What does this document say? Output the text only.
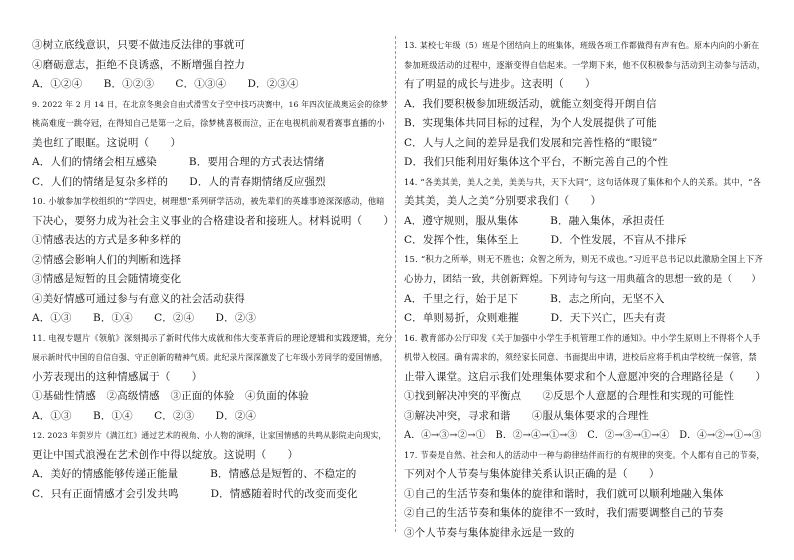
③树立底线意识，只要不做违反法律的事就可
④磨砺意志，拒绝不良诱惑，不断增强自控力
A．①②④　　B．①②③　　C．①③④　　D．②③④
9. 2022 年 2 月 14 日，在北京冬奥会自由式滑雪女子空中技巧决赛中，16 年四次征战奥运会的徐梦
桃高难度一跳夺冠，在得知自己是第一之后，徐梦桃喜极而泣，正在电视机前观看赛事直播的小
美也红了眼眶。这说明（　　）
A．人们的情绪会相互感染　　　B．要用合理的方式表达情绪
C．人们的情绪是复杂多样的　　D．人的青春期情绪反应强烈
10. 小敏参加学校组织的“学四史，树理想”系列研学活动，被先辈们的英雄事迹深深感动，他暗
下决心，要努力成为社会主义事业的合格建设者和接班人。材料说明（　　）
①情感表达的方式是多种多样的
②情感会影响人们的判断和选择
③情感是短暂的且会随情境变化
④美好情感可通过参与有意义的社会活动获得
A．①③　　B．①④　　C．②④　　D．②③
11. 电视专题片《领航》深刻揭示了新时代伟大成就和伟大变革背后的理论逻辑和实践逻辑，充分
展示新时代中国的自信自强、守正创新的精神气质。此纪录片深深激发了七年级小芳同学的爱国情感，
小芳表现出的这种情感属于（　　）
①基础性情感　②高级情感　③正面的体验　④负面的体验
A．①③　　B．①④　　C．②③　　D．②④
12. 2023 年贺岁片《满江红》通过艺术的视角、小人物的演绎，让家国情感的共鸣从影院走向现实，
更让中国式浪漫在艺术创作中得以绽放。这说明（　　）
A．美好的情感能够传递正能量　　　B．情感总是短暂的、不稳定的
C．只有正面情感才会引发共鸣　　　D．情感随着时代的改变而变化
13. 某校七年级（5）班是个团结向上的班集体，班级各项工作都做得有声有色。原本内向的小新在
参加班级活动的过程中，逐渐变得自信起来。一学期下来，他不仅积极参与活动到主动参与活动，
有了明显的成长与进步。这表明（　　）
A．我们要积极参加班级活动，就能立刻变得开朗自信
B．实现集体共同目标的过程，为个人发展提供了可能
C．人与人之间的差异是我们发展和完善性格的“眼镜”
D．我们只能利用好集体这个平台，不断完善自己的个性
14. “各美其美，美人之美，美美与共，天下大同”，这句话体现了集体和个人的关系。其中，“各
美其美，美人之美”分别要求我们（　　）
A．遵守规则，服从集体　　　B．融入集体，承担责任
C．发挥个性，集体至上　　　D．个性发展，不盲从不排斥
15. “积力之所举，则无不胜也；众智之所为，则无不成也。”习近平总书记以此激励全国上下齐
心协力，团结一致，共创新辉煌。下列诗句与这一用典蕴含的思想一致的是（　　）
A．千里之行，始于足下　　　B．志之所向，无坚不入
C．单则易折，众则难摧　　　D．天下兴亡，匹夫有责
16. 教育部办公厅印发《关于加强中小学生手机管理工作的通知》。中小学生原则上不得将个人手
机带入校园。确有需求的，须经家长同意、书面提出申请，进校后应将手机由学校统一保管，禁
止带入课堂。这启示我们处理集体要求和个人意愿冲突的合理路径是（　　）
①找到解决冲突的平衡点　　②反思个人意愿的合理性和实现的可能性
③解决冲突，寻求和谐　　④服从集体要求的合理性
A．④→③→②→①　B．②→④→①→③　C．②→③→①→④　D．④→②→①→③
17. 节奏是自然、社会和人的活动中一种与韵律结伴而行的有规律的突变。个人都有自己的节奏，
下列对个人节奏与集体旋律关系认识正确的是（　　）
①自己的生活节奏和集体的旋律和谐时，我们就可以顺利地融入集体
②自己的生活节奏和集体的旋律不一致时，我们需要调整自己的节奏
③个人节奏与集体旋律永远是一致的
